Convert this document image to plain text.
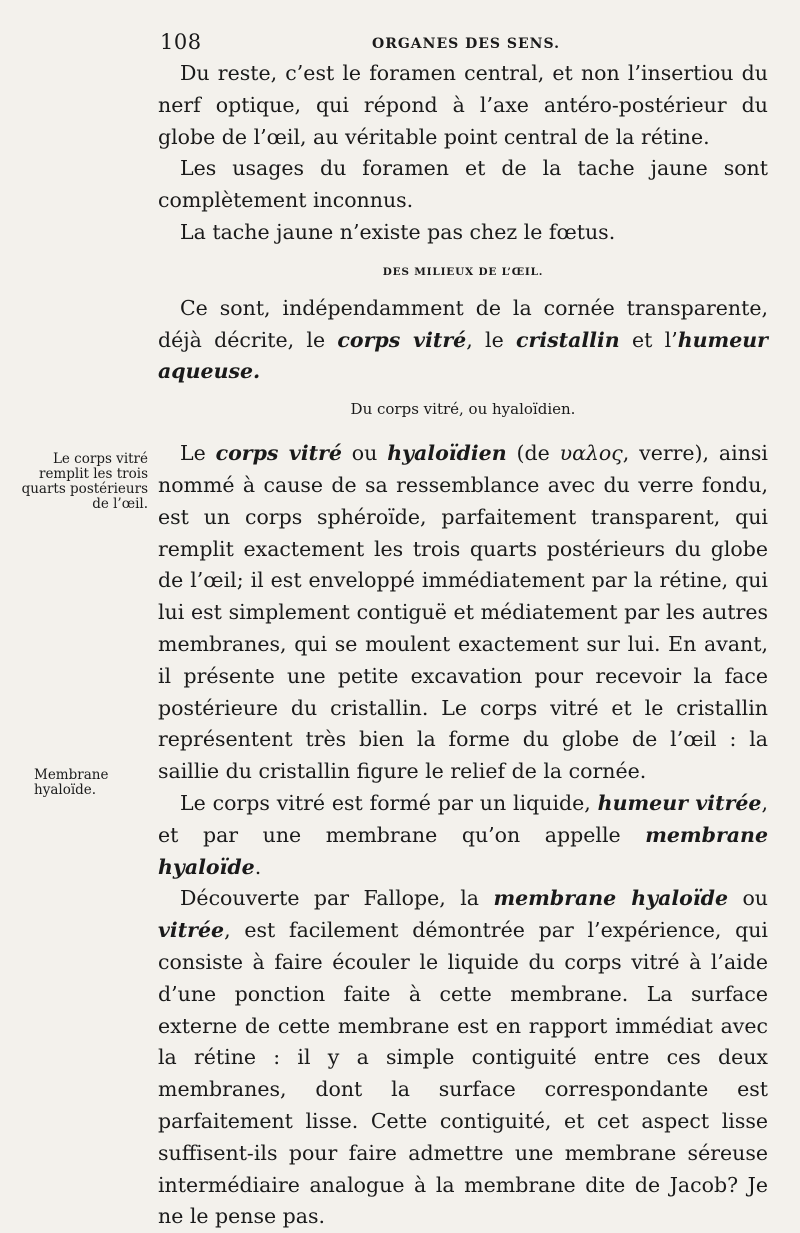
108	ORGANES DES SENS.
Le corps vitré remplit les trois quarts postérieurs de l’œil.
Membrane hyaloïde.

Du reste, c’est le foramen central, et non l’insertiou du nerf optique, qui répond à l’axe antéro-postérieur du globe de l’œil, au véritable point central de la rétine.

Les usages du foramen et de la tache jaune sont complètement inconnus.

La tache jaune n’existe pas chez le fœtus.

DES MILIEUX DE L’ŒIL.

Ce sont, indépendamment de la cornée transparente, déjà décrite, le corps vitré, le cristallin et l’humeur aqueuse.

Du corps vitré, ou hyaloïdien.

Le corps vitré ou hyaloïdien (de υαλος, verre), ainsi nommé à cause de sa ressemblance avec du verre fondu, est un corps sphéroïde, parfaitement transparent, qui remplit exactement les trois quarts postérieurs du globe de l’œil; il est enveloppé immédiatement par la rétine, qui lui est simplement contiguë et médiatement par les autres membranes, qui se moulent exactement sur lui. En avant, il présente une petite excavation pour recevoir la face postérieure du cristallin. Le corps vitré et le cristallin représentent très bien la forme du globe de l’œil : la saillie du cristallin figure le relief de la cornée.

Le corps vitré est formé par un liquide, humeur vitrée, et par une membrane qu’on appelle membrane hyaloïde.

Découverte par Fallope, la membrane hyaloïde ou vitrée, est facilement démontrée par l’expérience, qui consiste à faire écouler le liquide du corps vitré à l’aide d’une ponction faite à cette membrane. La surface externe de cette membrane est en rapport immédiat avec la rétine : il y a simple contiguité entre ces deux membranes, dont la surface correspondante est parfaitement lisse. Cette contiguité, et cet aspect lisse suffisent-ils pour faire admettre une membrane séreuse intermédiaire analogue à la membrane dite de Jacob? Je ne le pense pas.
